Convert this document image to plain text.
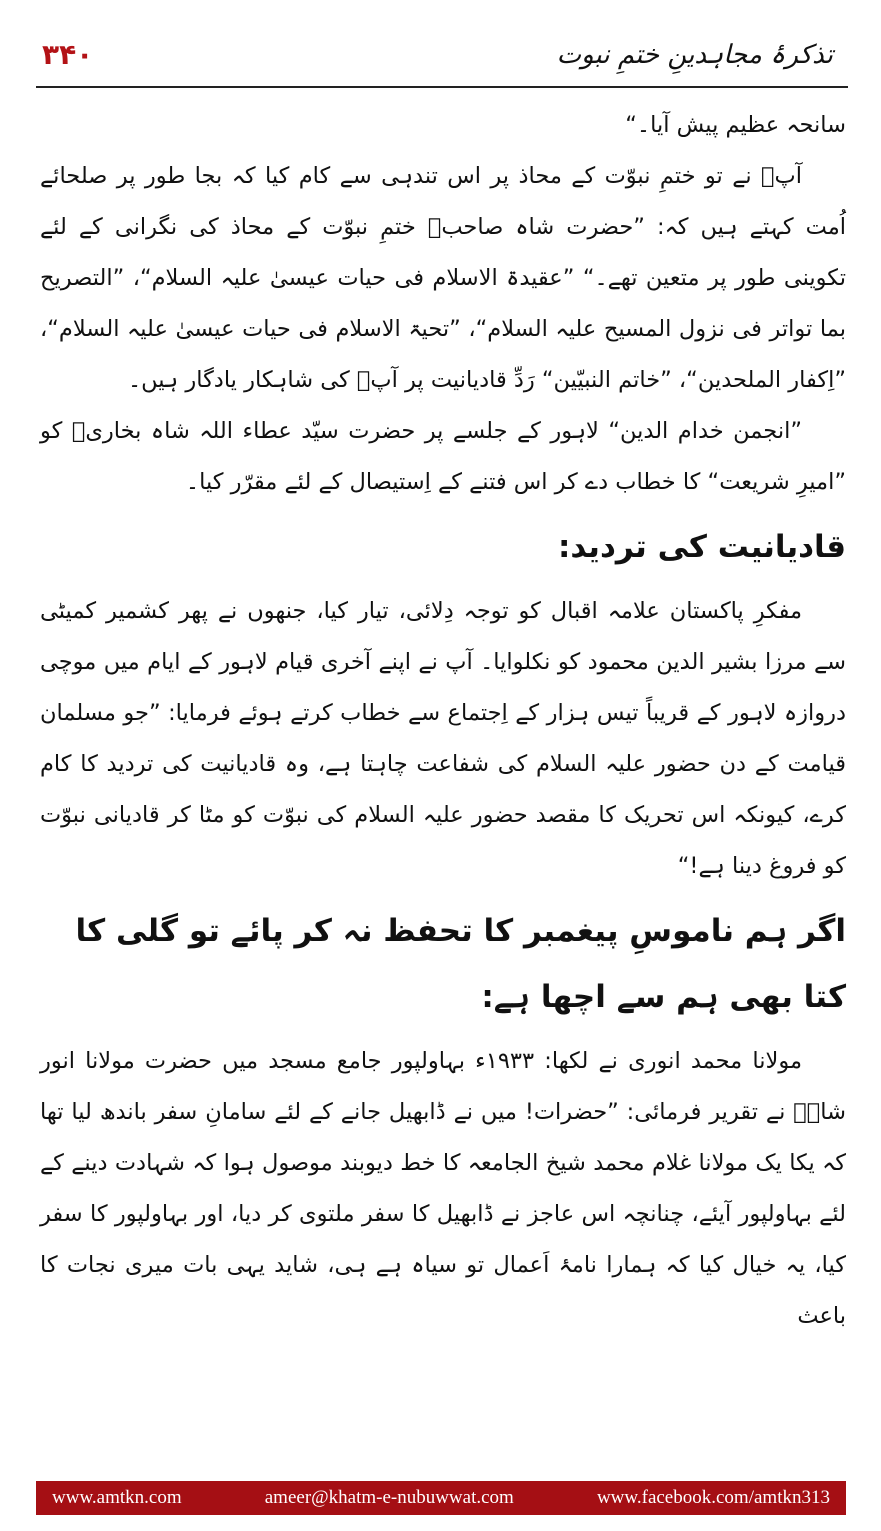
۳۴۰	تذکرۂ مجاہدینِ ختمِ نبوت

سانحہ عظیم پیش آیا۔“

آپؒ نے تو ختمِ نبوّت کے محاذ پر اس تندہی سے کام کیا کہ بجا طور پر صلحائے اُمت کہتے ہیں کہ: ”حضرت شاہ صاحبؒ ختمِ نبوّت کے محاذ کی نگرانی کے لئے تکوینی طور پر متعین تھے۔“ ”عقیدۃ الاسلام فی حیات عیسیٰ علیہ السلام“، ”التصریح بما تواتر فی نزول المسیح علیہ السلام“، ”تحیۃ الاسلام فی حیات عیسیٰ علیہ السلام“، ”اِکفار الملحدین“، ”خاتم النبیّین“ رَدِّ قادیانیت پر آپؒ کی شاہکار یادگار ہیں۔

”انجمن خدام الدین“ لاہور کے جلسے پر حضرت سیّد عطاء اللہ شاہ بخاریؒ کو ”امیرِ شریعت“ کا خطاب دے کر اس فتنے کے اِستیصال کے لئے مقرّر کیا۔

قادیانیت کی تردید:

مفکرِ پاکستان علامہ اقبال کو توجہ دِلائی، تیار کیا، جنھوں نے پھر کشمیر کمیٹی سے مرزا بشیر الدین محمود کو نکلوایا۔ آپ نے اپنے آخری قیام لاہور کے ایام میں موچی دروازہ لاہور کے قریباً تیس ہزار کے اِجتماع سے خطاب کرتے ہوئے فرمایا: ”جو مسلمان قیامت کے دن حضور علیہ السلام کی شفاعت چاہتا ہے، وہ قادیانیت کی تردید کا کام کرے، کیونکہ اس تحریک کا مقصد حضور علیہ السلام کی نبوّت کو مٹا کر قادیانی نبوّت کو فروغ دینا ہے!“

اگر ہم ناموسِ پیغمبر کا تحفظ نہ کر پائے تو گلی کا کتا بھی ہم سے اچھا ہے:

مولانا محمد انوری نے لکھا: ۱۹۳۳ء بہاولپور جامع مسجد میں حضرت مولانا انور شاہؒ نے تقریر فرمائی: ”حضرات! میں نے ڈابھیل جانے کے لئے سامانِ سفر باندھ لیا تھا کہ یکا یک مولانا غلام محمد شیخ الجامعہ کا خط دیوبند موصول ہوا کہ شہادت دینے کے لئے بہاولپور آیئے، چنانچہ اس عاجز نے ڈابھیل کا سفر ملتوی کر دیا، اور بہاولپور کا سفر کیا، یہ خیال کیا کہ ہمارا نامۂ اَعمال تو سیاہ ہے ہی، شاید یہی بات میری نجات کا باعث

www.amtkn.com	ameer@khatm-e-nubuwwat.com	www.facebook.com/amtkn313
